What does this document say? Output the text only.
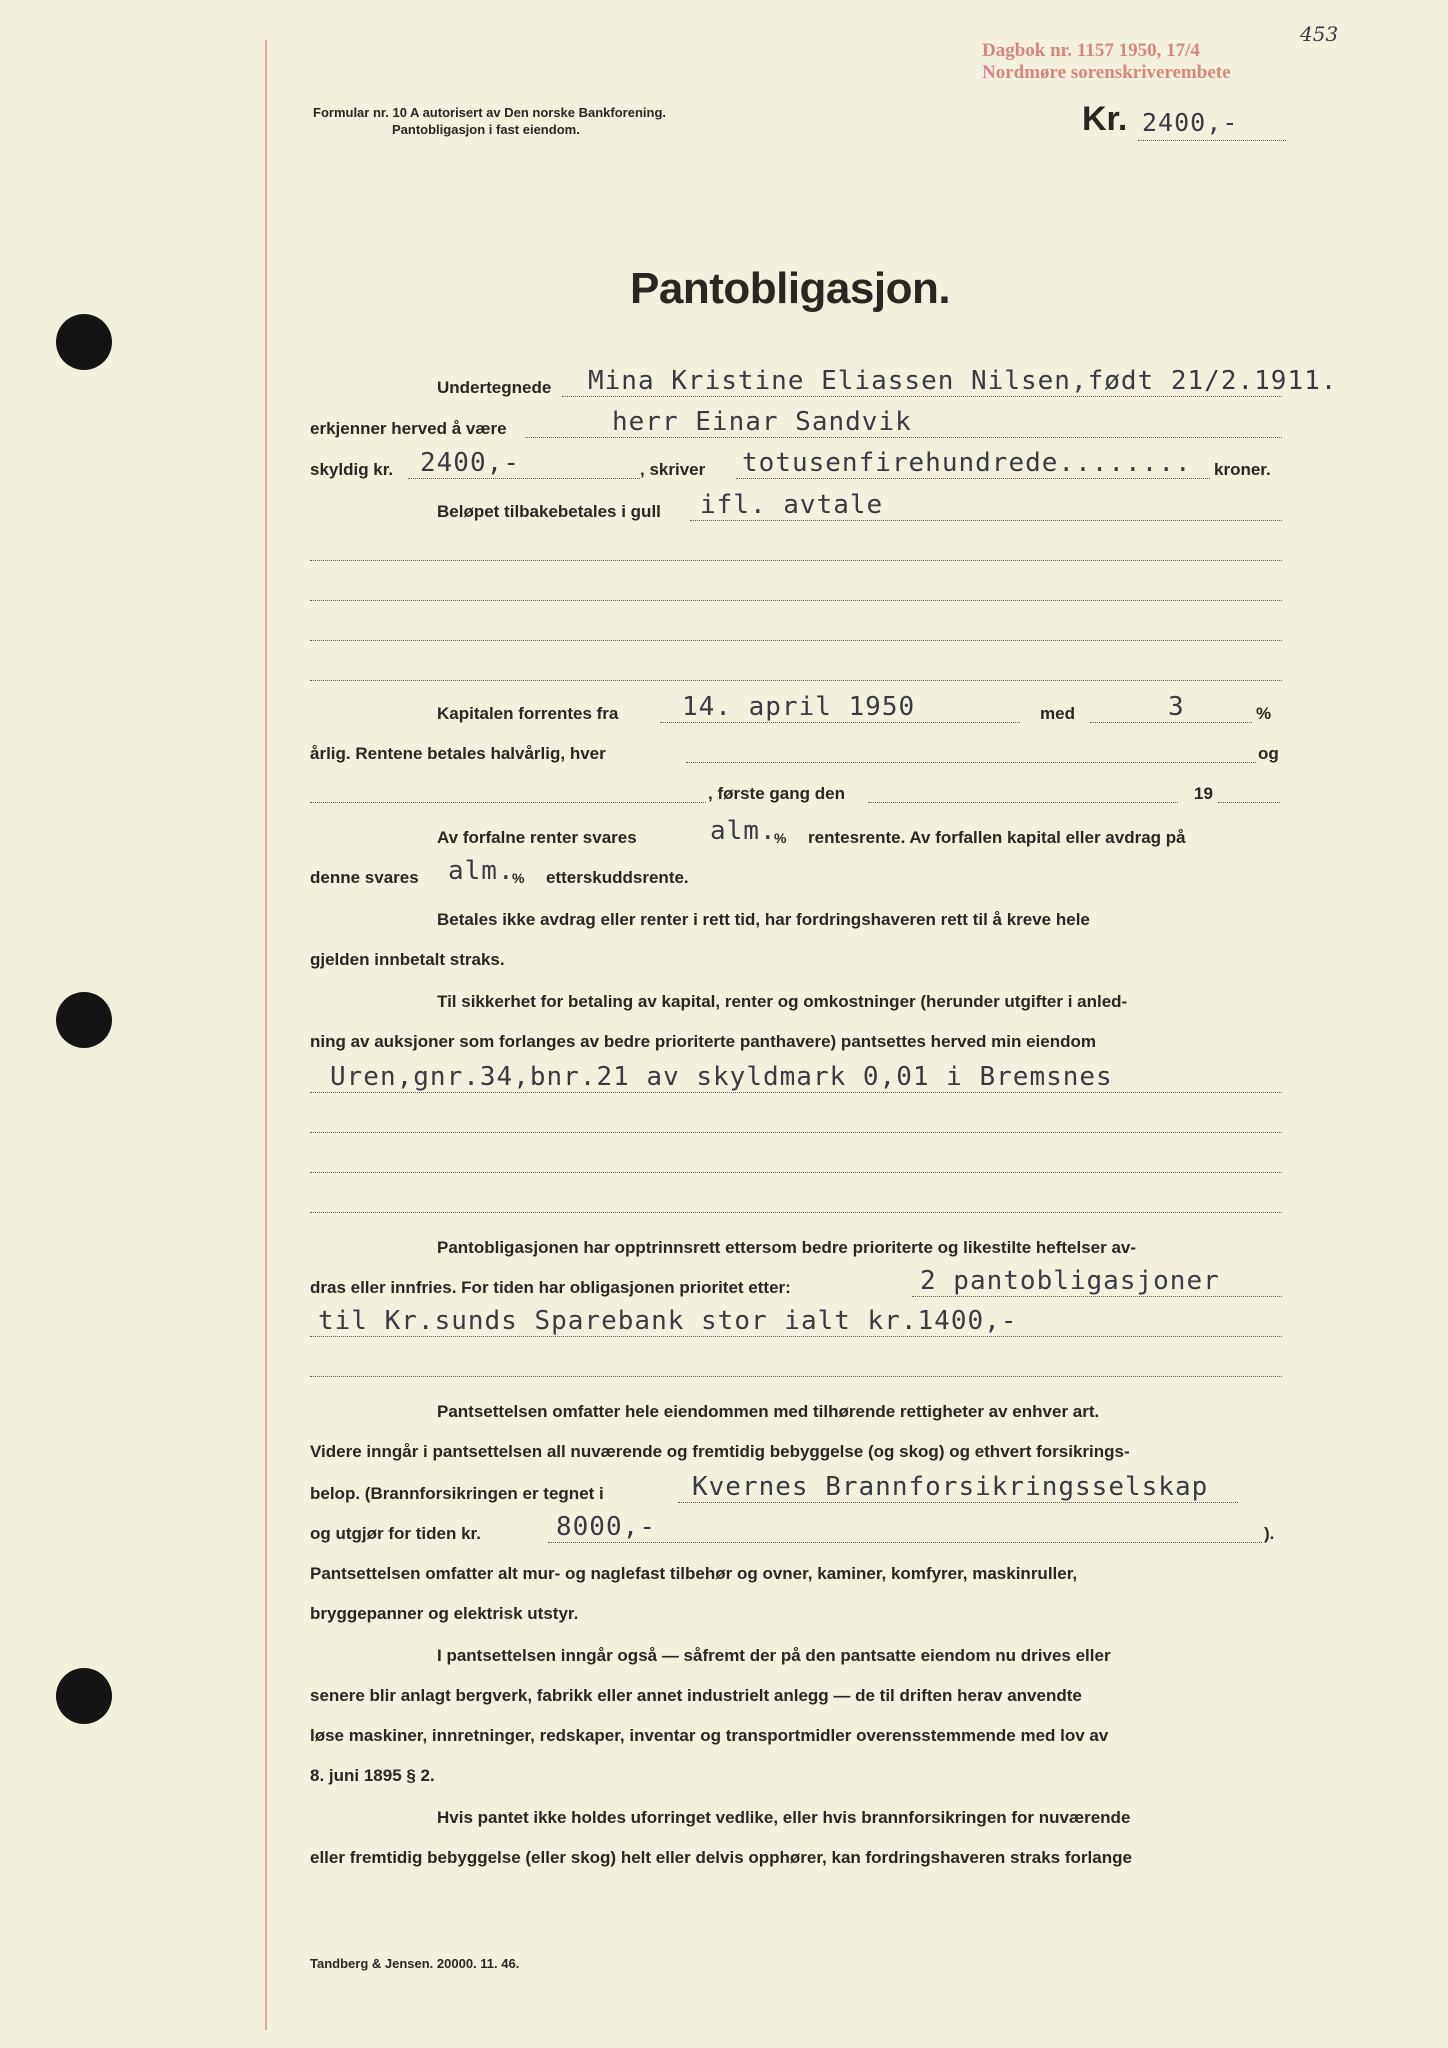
Dagbok nr. 1157 1950, 17/4
Nordmøre sorenskriverembete
453
Formular nr. 10 A autorisert av Den norske Bankforening.
Pantobligasjon i fast eiendom.	Kr. 2400,-
Pantobligasjon.
Undertegnede Mina Kristine Eliassen Nilsen,født 21/2.1911.
erkjenner herved å være	herr Einar Sandvik
skyldig kr. 2400,-	, skriver totusenfirehundrede........ kroner.
Beløpet tilbakebetales i gull ifl. avtale
Kapitalen forrentes fra 14. april 1950	med	3	%
årlig. Rentene betales halvårlig, hver	og
, første gang den	19
Av forfalne renter svares	alm.
% rentesrente. Av forfallen kapital eller avdrag på
denne svares alm.
% etterskuddsrente.
Betales ikke avdrag eller renter i rett tid, har fordringshaveren rett til å kreve hele
gjelden innbetalt straks.
Til sikkerhet for betaling av kapital, renter og omkostninger (herunder utgifter i anled-
ning av auksjoner som forlanges av bedre prioriterte panthavere) pantsettes herved min eiendom
Uren,gnr.34,bnr.21 av skyldmark 0,01 i Bremsnes
Pantobligasjonen har opptrinnsrett ettersom bedre prioriterte og likestilte heftelser av-
dras eller innfries. For tiden har obligasjonen prioritet etter:	2 pantobligasjoner
til Kr.sunds Sparebank stor ialt kr.1400,-
Pantsettelsen omfatter hele eiendommen med tilhørende rettigheter av enhver art.
Videre inngår i pantsettelsen all nuværende og fremtidig bebyggelse (og skog) og ethvert forsikrings-
belop. (Brannforsikringen er tegnet i	Kvernes Brannforsikringsselskap
og utgjør for tiden kr.	8000,-	).
Pantsettelsen omfatter alt mur- og naglefast tilbehør og ovner, kaminer, komfyrer, maskinruller,
bryggepanner og elektrisk utstyr.
I pantsettelsen inngår også — såfremt der på den pantsatte eiendom nu drives eller
senere blir anlagt bergverk, fabrikk eller annet industrielt anlegg — de til driften herav anvendte
løse maskiner, innretninger, redskaper, inventar og transportmidler overensstemmende med lov av
8. juni 1895 § 2.
Hvis pantet ikke holdes uforringet vedlike, eller hvis brannforsikringen for nuværende
eller fremtidig bebyggelse (eller skog) helt eller delvis opphører, kan fordringshaveren straks forlange
Tandberg & Jensen. 20000. 11. 46.
